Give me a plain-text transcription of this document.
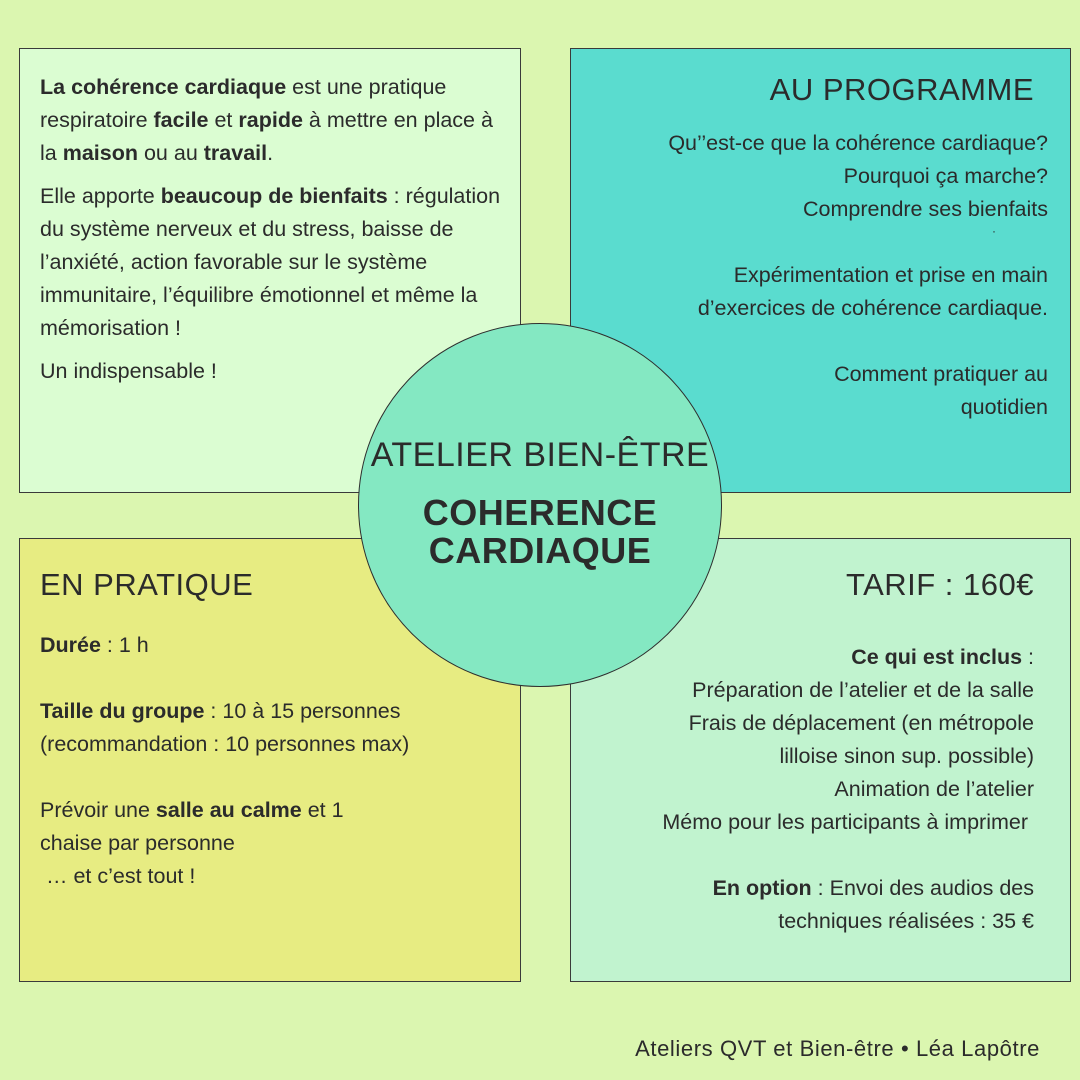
La cohérence cardiaque est une pratique respiratoire facile et rapide à mettre en place à la maison ou au travail.

Elle apporte beaucoup de bienfaits : régulation du système nerveux et du stress, baisse de l’anxiété, action favorable sur le système immunitaire, l’équilibre émotionnel et même la mémorisation !

Un indispensable !

AU PROGRAMME
Qu’’est-ce que la cohérence cardiaque?
Pourquoi ça marche?
Comprendre ses bienfaits
·
Expérimentation et prise en main
d’exercices de cohérence cardiaque.
Comment pratiquer au
quotidien
EN PRATIQUE

Durée : 1 h

Taille du groupe : 10 à 15 personnes (recommandation : 10 personnes max)

Prévoir une salle au calme et 1 chaise par personne

… et c’est tout !

TARIF : 160€
Ce qui est inclus :
Préparation de l’atelier et de la salle
Frais de déplacement (en métropole
lilloise sinon sup. possible)
Animation de l’atelier
Mémo pour les participants à imprimer
En option : Envoi des audios des
techniques réalisées : 35 €
ATELIER BIEN-ÊTRE
COHERENCE
CARDIAQUE
Ateliers QVT et Bien-être • Léa Lapôtre
